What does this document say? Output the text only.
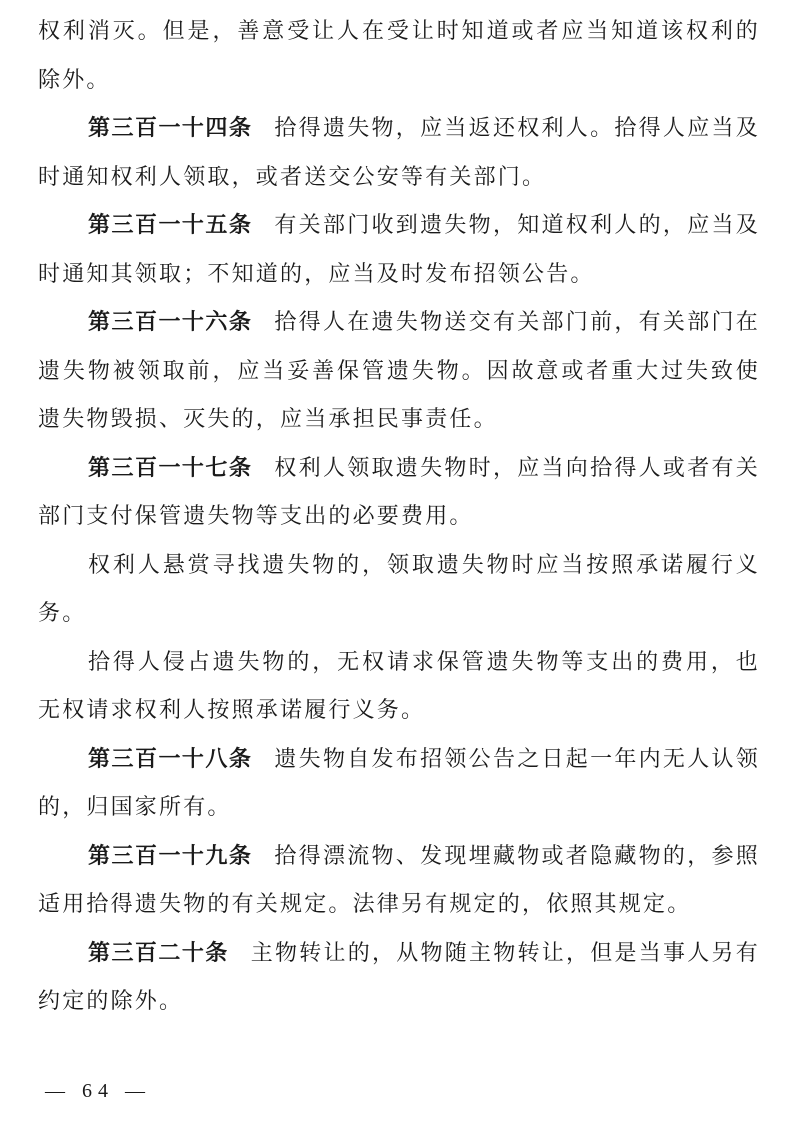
权利消灭。但是，善意受让人在受让时知道或者应当知道该权利的除外。

第三百一十四条 拾得遗失物，应当返还权利人。拾得人应当及时通知权利人领取，或者送交公安等有关部门。

第三百一十五条 有关部门收到遗失物，知道权利人的，应当及时通知其领取；不知道的，应当及时发布招领公告。

第三百一十六条 拾得人在遗失物送交有关部门前，有关部门在遗失物被领取前，应当妥善保管遗失物。因故意或者重大过失致使遗失物毁损、灭失的，应当承担民事责任。

第三百一十七条 权利人领取遗失物时，应当向拾得人或者有关部门支付保管遗失物等支出的必要费用。

权利人悬赏寻找遗失物的，领取遗失物时应当按照承诺履行义务。

拾得人侵占遗失物的，无权请求保管遗失物等支出的费用，也无权请求权利人按照承诺履行义务。

第三百一十八条 遗失物自发布招领公告之日起一年内无人认领的，归国家所有。

第三百一十九条 拾得漂流物、发现埋藏物或者隐藏物的，参照适用拾得遗失物的有关规定。法律另有规定的，依照其规定。

第三百二十条 主物转让的，从物随主物转让，但是当事人另有约定的除外。

— 64 —
